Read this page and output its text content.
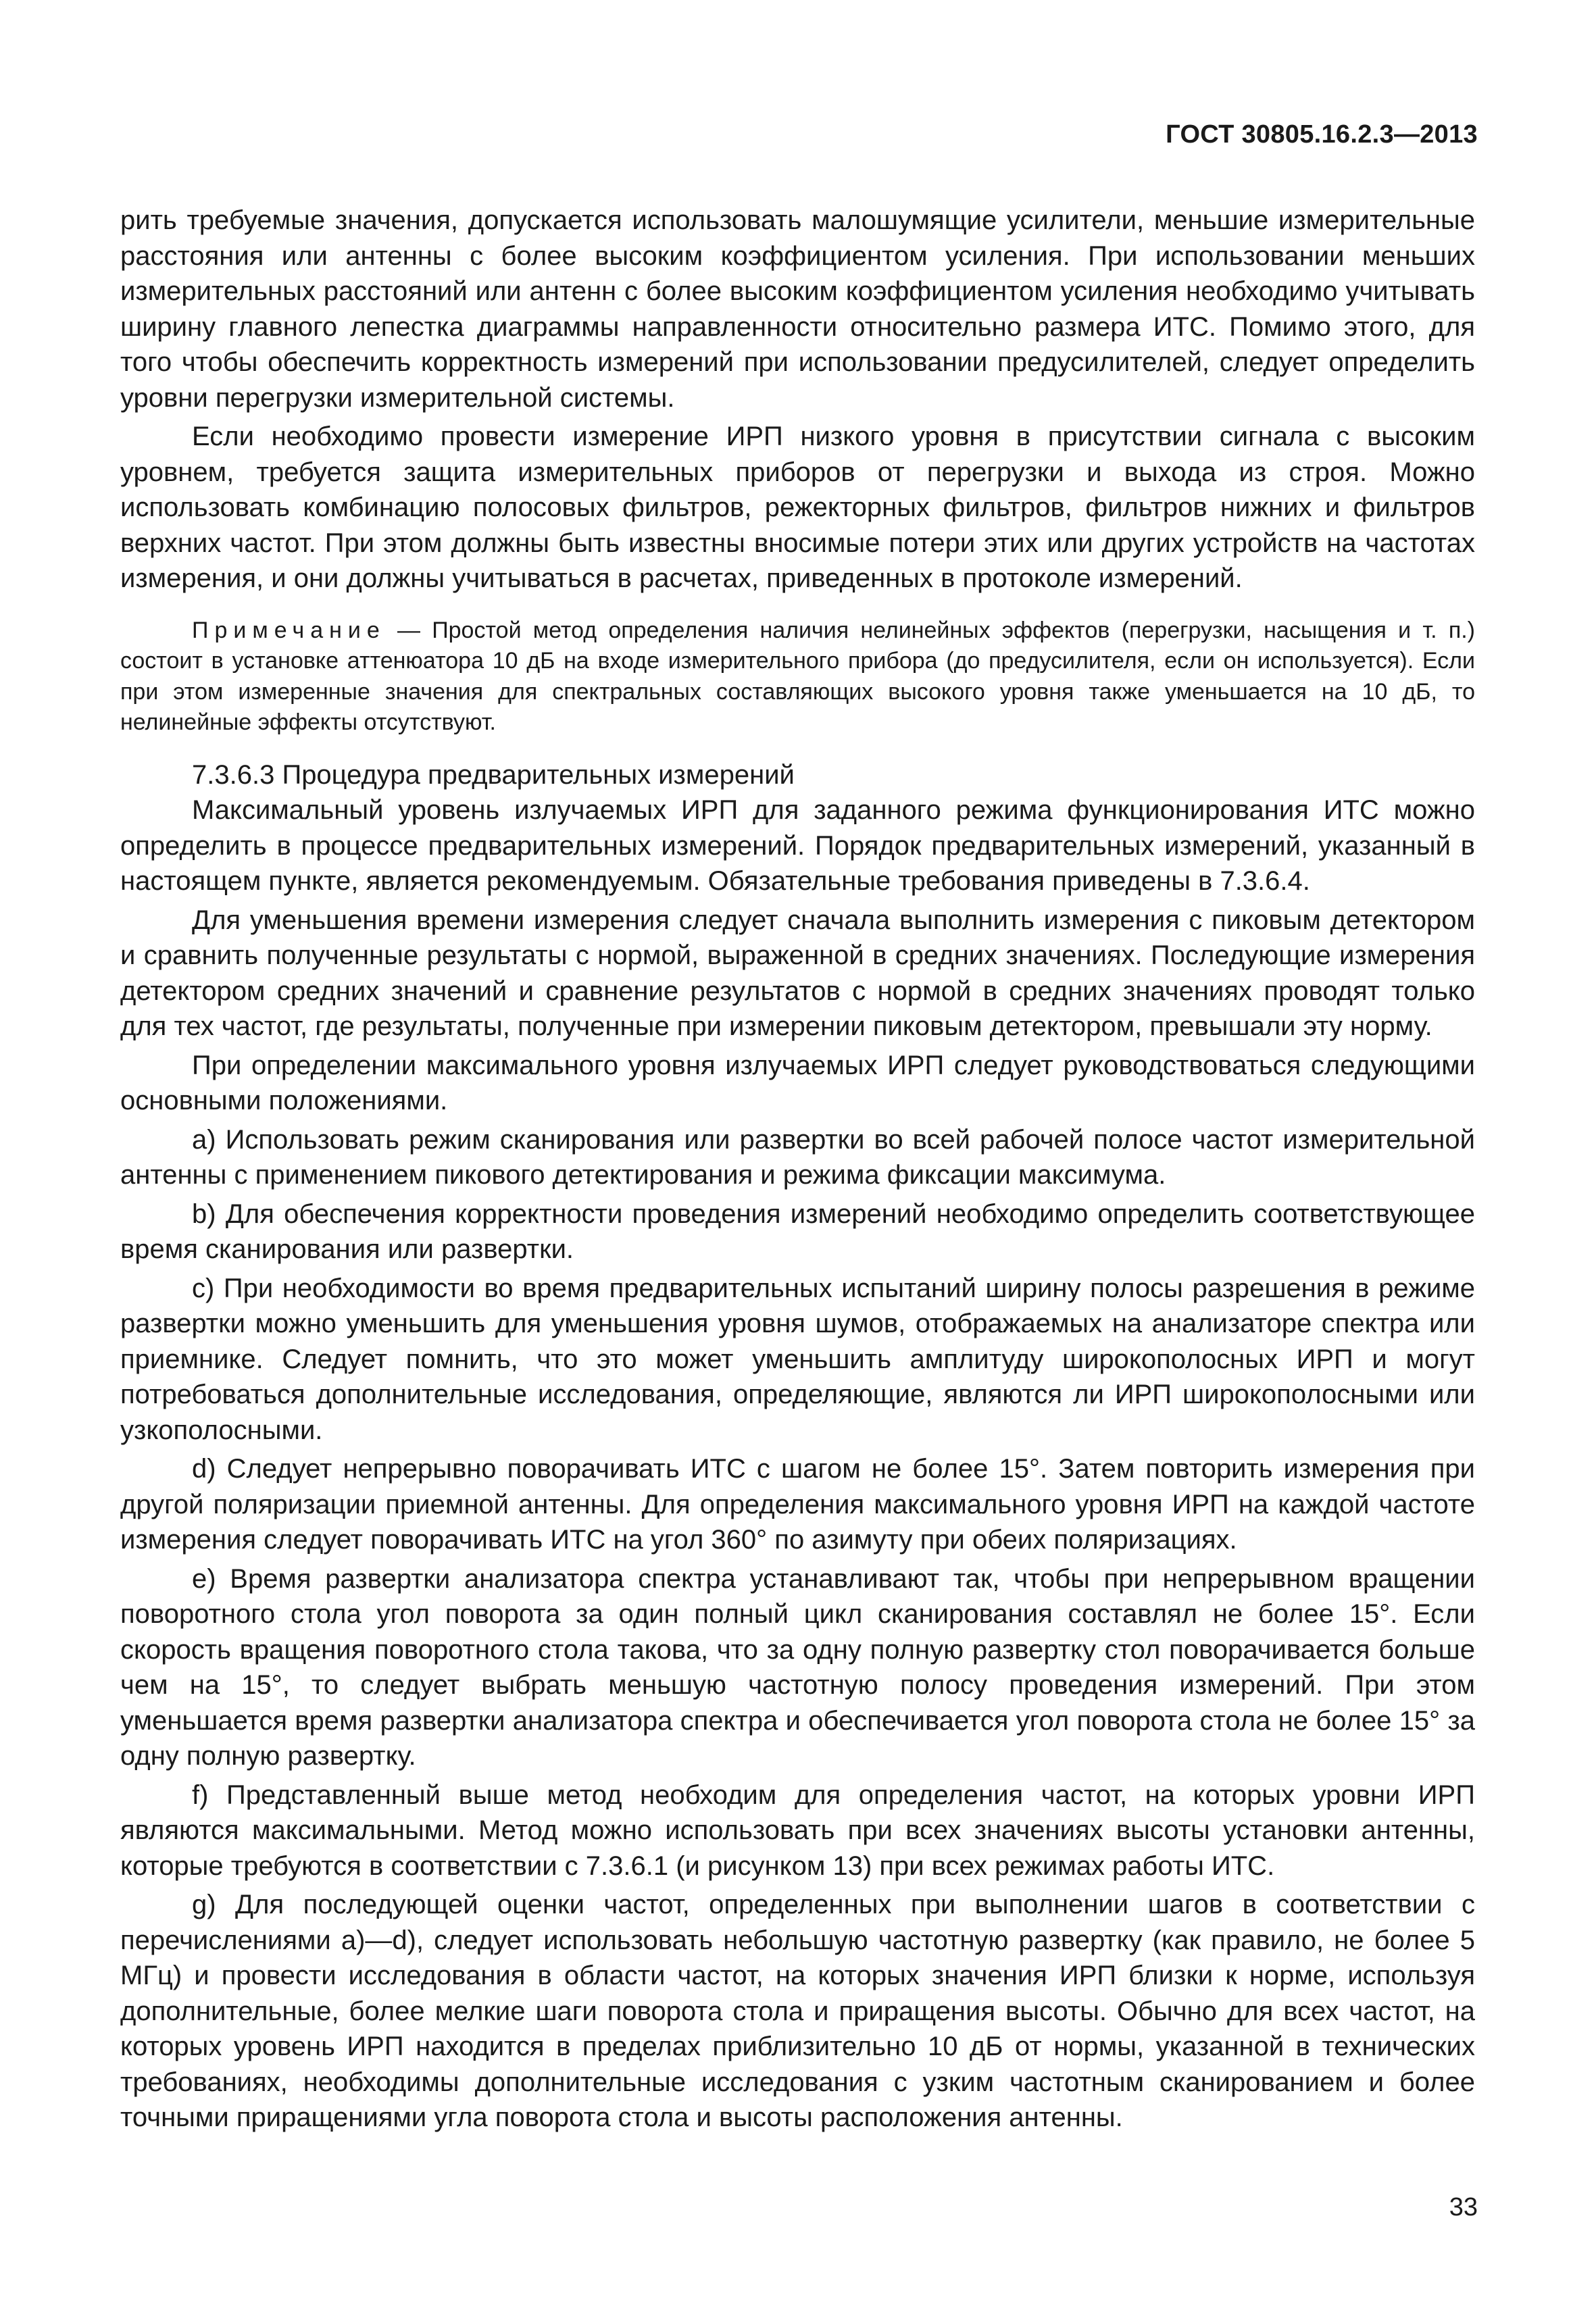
ГОСТ 30805.16.2.3—2013

рить требуемые значения, допускается использовать малошумящие усилители, меньшие измерительные расстояния или антенны с более высоким коэффициентом усиления. При использовании меньших измерительных расстояний или антенн с более высоким коэффициентом усиления необходимо учитывать ширину главного лепестка диаграммы направленности относительно размера ИТС. Помимо этого, для того чтобы обеспечить корректность измерений при использовании предусилителей, следует определить уровни перегрузки измерительной системы.

Если необходимо провести измерение ИРП низкого уровня в присутствии сигнала с высоким уровнем, требуется защита измерительных приборов от перегрузки и выхода из строя. Можно использовать комбинацию полосовых фильтров, режекторных фильтров, фильтров нижних и фильтров верхних частот. При этом должны быть известны вносимые потери этих или других устройств на частотах измерения, и они должны учитываться в расчетах, приведенных в протоколе измерений.

Примечание — Простой метод определения наличия нелинейных эффектов (перегрузки, насыщения и т. п.) состоит в установке аттенюатора 10 дБ на входе измерительного прибора (до предусилителя, если он используется). Если при этом измеренные значения для спектральных составляющих высокого уровня также уменьшается на 10 дБ, то нелинейные эффекты отсутствуют.

7.3.6.3 Процедура предварительных измерений

Максимальный уровень излучаемых ИРП для заданного режима функционирования ИТС можно определить в процессе предварительных измерений. Порядок предварительных измерений, указанный в настоящем пункте, является рекомендуемым. Обязательные требования приведены в 7.3.6.4.

Для уменьшения времени измерения следует сначала выполнить измерения с пиковым детектором и сравнить полученные результаты с нормой, выраженной в средних значениях. Последующие измерения детектором средних значений и сравнение результатов с нормой в средних значениях проводят только для тех частот, где результаты, полученные при измерении пиковым детектором, превышали эту норму.

При определении максимального уровня излучаемых ИРП следует руководствоваться следующими основными положениями.

a) Использовать режим сканирования или развертки во всей рабочей полосе частот измерительной антенны с применением пикового детектирования и режима фиксации максимума.

b) Для обеспечения корректности проведения измерений необходимо определить соответствующее время сканирования или развертки.

c) При необходимости во время предварительных испытаний ширину полосы разрешения в режиме развертки можно уменьшить для уменьшения уровня шумов, отображаемых на анализаторе спектра или приемнике. Следует помнить, что это может уменьшить амплитуду широкополосных ИРП и могут потребоваться дополнительные исследования, определяющие, являются ли ИРП широкополосными или узкополосными.

d) Следует непрерывно поворачивать ИТС с шагом не более 15°. Затем повторить измерения при другой поляризации приемной антенны. Для определения максимального уровня ИРП на каждой частоте измерения следует поворачивать ИТС на угол 360° по азимуту при обеих поляризациях.

e) Время развертки анализатора спектра устанавливают так, чтобы при непрерывном вращении поворотного стола угол поворота за один полный цикл сканирования составлял не более 15°. Если скорость вращения поворотного стола такова, что за одну полную развертку стол поворачивается больше чем на 15°, то следует выбрать меньшую частотную полосу проведения измерений. При этом уменьшается время развертки анализатора спектра и обеспечивается угол поворота стола не более 15° за одну полную развертку.

f) Представленный выше метод необходим для определения частот, на которых уровни ИРП являются максимальными. Метод можно использовать при всех значениях высоты установки антенны, которые требуются в соответствии с 7.3.6.1 (и рисунком 13) при всех режимах работы ИТС.

g) Для последующей оценки частот, определенных при выполнении шагов в соответствии с перечислениями a)—d), следует использовать небольшую частотную развертку (как правило, не более 5 МГц) и провести исследования в области частот, на которых значения ИРП близки к норме, используя дополнительные, более мелкие шаги поворота стола и приращения высоты. Обычно для всех частот, на которых уровень ИРП находится в пределах приблизительно 10 дБ от нормы, указанной в технических требованиях, необходимы дополнительные исследования с узким частотным сканированием и более точными приращениями угла поворота стола и высоты расположения антенны.

33
